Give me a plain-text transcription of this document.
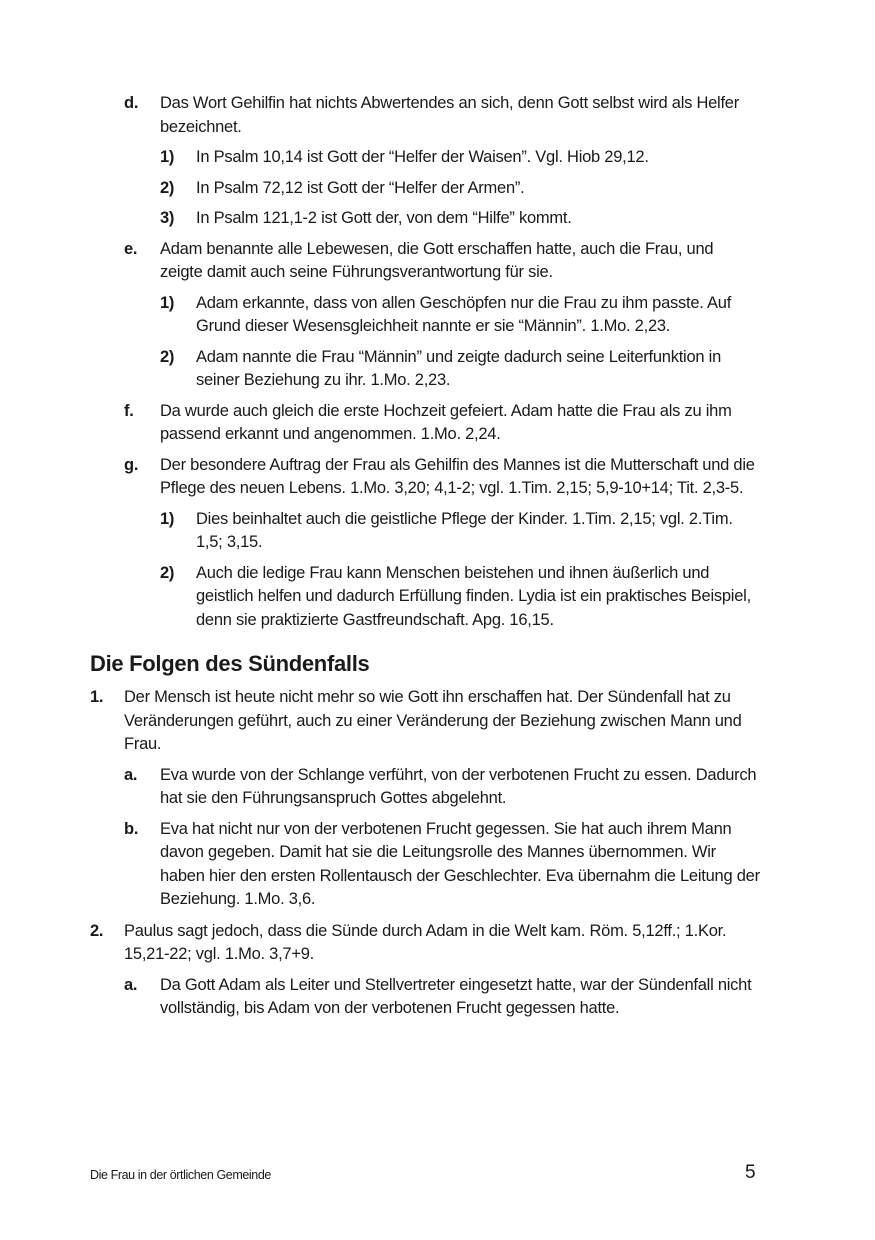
d.	Das Wort Gehilfin hat nichts Abwertendes an sich, denn Gott selbst wird als Helfer bezeichnet.
1)	In Psalm 10,14 ist Gott der “Helfer der Waisen”. Vgl. Hiob 29,12.
2)	In Psalm 72,12 ist Gott der “Helfer der Armen”.
3)	In Psalm 121,1-2 ist Gott der, von dem “Hilfe” kommt.
e.	Adam benannte alle Lebewesen, die Gott erschaffen hatte, auch die Frau, und zeigte damit auch seine Führungsverantwortung für sie.
1)	Adam erkannte, dass von allen Geschöpfen nur die Frau zu ihm passte. Auf Grund dieser Wesensgleichheit nannte er sie “Männin”. 1.Mo. 2,23.
2)	Adam nannte die Frau “Männin” und zeigte dadurch seine Leiterfunktion in seiner Beziehung zu ihr. 1.Mo. 2,23.
f.	Da wurde auch gleich die erste Hochzeit gefeiert. Adam hatte die Frau als zu ihm passend erkannt und angenommen. 1.Mo. 2,24.
g.	Der besondere Auftrag der Frau als Gehilfin des Mannes ist die Mutterschaft und die Pflege des neuen Lebens. 1.Mo. 3,20; 4,1-2; vgl. 1.Tim. 2,15; 5,9-10+14; Tit. 2,3-5.
1)	Dies beinhaltet auch die geistliche Pflege der Kinder. 1.Tim. 2,15; vgl. 2.Tim. 1,5; 3,15.
2)	Auch die ledige Frau kann Menschen beistehen und ihnen äußerlich und geistlich helfen und dadurch Erfüllung finden. Lydia ist ein praktisches Beispiel, denn sie praktizierte Gastfreundschaft. Apg. 16,15.
Die Folgen des Sündenfalls
1.	Der Mensch ist heute nicht mehr so wie Gott ihn erschaffen hat. Der Sündenfall hat zu Veränderungen geführt, auch zu einer Veränderung der Beziehung zwischen Mann und Frau.
a.	Eva wurde von der Schlange verführt, von der verbotenen Frucht zu essen. Dadurch hat sie den Führungsanspruch Gottes abgelehnt.
b.	Eva hat nicht nur von der verbotenen Frucht gegessen. Sie hat auch ihrem Mann davon gegeben. Damit hat sie die Leitungsrolle des Mannes übernommen. Wir haben hier den ersten Rollentausch der Geschlechter. Eva übernahm die Leitung der Beziehung. 1.Mo. 3,6.
2.	Paulus sagt jedoch, dass die Sünde durch Adam in die Welt kam. Röm. 5,12ff.; 1.Kor. 15,21-22; vgl. 1.Mo. 3,7+9.
a.	Da Gott Adam als Leiter und Stellvertreter eingesetzt hatte, war der Sündenfall nicht vollständig, bis Adam von der verbotenen Frucht gegessen hatte.
Die Frau in der örtlichen Gemeinde	5
